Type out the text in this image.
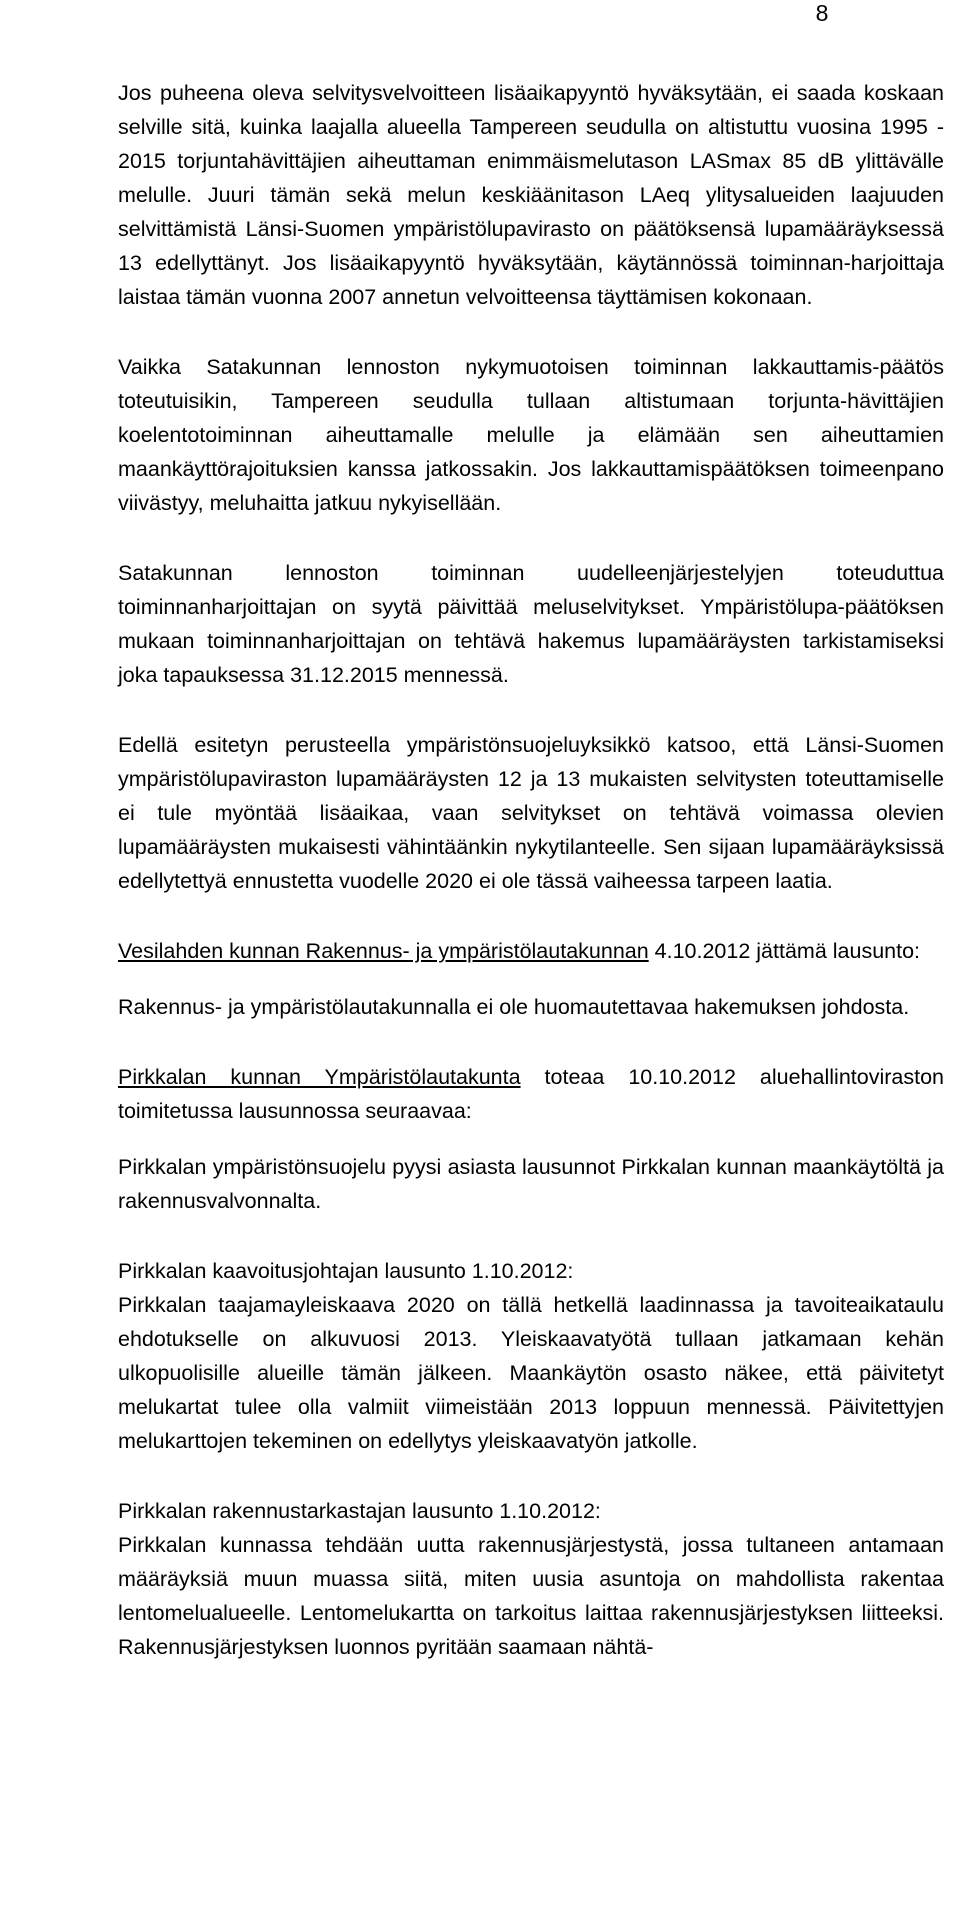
8

Jos puheena oleva selvitysvelvoitteen lisäaikapyyntö hyväksytään, ei saada koskaan selville sitä, kuinka laajalla alueella Tampereen seudulla on altistuttu vuosina 1995 - 2015 torjuntahävittäjien aiheuttaman enimmäismelutason LASmax 85 dB ylittävälle melulle. Juuri tämän sekä melun keskiäänitason LAeq ylitysalueiden laajuuden selvittämistä Länsi-Suomen ympäristölupavirasto on päätöksensä lupamääräyksessä 13 edellyttänyt. Jos lisäaikapyyntö hyväksytään, käytännössä toiminnan-harjoittaja laistaa tämän vuonna 2007 annetun velvoitteensa täyttämisen kokonaan.

Vaikka Satakunnan lennoston nykymuotoisen toiminnan lakkauttamis-päätös toteutuisikin, Tampereen seudulla tullaan altistumaan torjunta-hävittäjien koelentotoiminnan aiheuttamalle melulle ja elämään sen aiheuttamien maankäyttörajoituksien kanssa jatkossakin. Jos lakkauttamispäätöksen toimeenpano viivästyy, meluhaitta jatkuu nykyisellään.

Satakunnan lennoston toiminnan uudelleenjärjestelyjen toteuduttua toiminnanharjoittajan on syytä päivittää meluselvitykset. Ympäristölupa-päätöksen mukaan toiminnanharjoittajan on tehtävä hakemus lupamääräysten tarkistamiseksi joka tapauksessa 31.12.2015 mennessä.

Edellä esitetyn perusteella ympäristönsuojeluyksikkö katsoo, että Länsi-Suomen ympäristölupaviraston lupamääräysten 12 ja 13 mukaisten selvitysten toteuttamiselle ei tule myöntää lisäaikaa, vaan selvitykset on tehtävä voimassa olevien lupamääräysten mukaisesti vähintäänkin nykytilanteelle. Sen sijaan lupamääräyksissä edellytettyä ennustetta vuodelle 2020 ei ole tässä vaiheessa tarpeen laatia.

Vesilahden kunnan Rakennus- ja ympäristölautakunnan 4.10.2012 jättämä lausunto:

Rakennus- ja ympäristölautakunnalla ei ole huomautettavaa hakemuksen johdosta.

Pirkkalan kunnan Ympäristölautakunta toteaa 10.10.2012 aluehallintoviraston toimitetussa lausunnossa seuraavaa:

Pirkkalan ympäristönsuojelu pyysi asiasta lausunnot Pirkkalan kunnan maankäytöltä ja rakennusvalvonnalta.

Pirkkalan kaavoitusjohtajan lausunto 1.10.2012:
Pirkkalan taajamayleiskaava 2020 on tällä hetkellä laadinnassa ja tavoiteaikataulu ehdotukselle on alkuvuosi 2013. Yleiskaavatyötä tullaan jatkamaan kehän ulkopuolisille alueille tämän jälkeen. Maankäytön osasto näkee, että päivitetyt melukartat tulee olla valmiit viimeistään 2013 loppuun mennessä. Päivitettyjen melukarttojen tekeminen on edellytys yleiskaavatyön jatkolle.

Pirkkalan rakennustarkastajan lausunto 1.10.2012:
Pirkkalan kunnassa tehdään uutta rakennusjärjestystä, jossa tultaneen antamaan määräyksiä muun muassa siitä, miten uusia asuntoja on mahdollista rakentaa lentomelualueelle. Lentomelukartta on tarkoitus laittaa rakennusjärjestyksen liitteeksi. Rakennusjärjestyksen luonnos pyritään saamaan nähtä-
